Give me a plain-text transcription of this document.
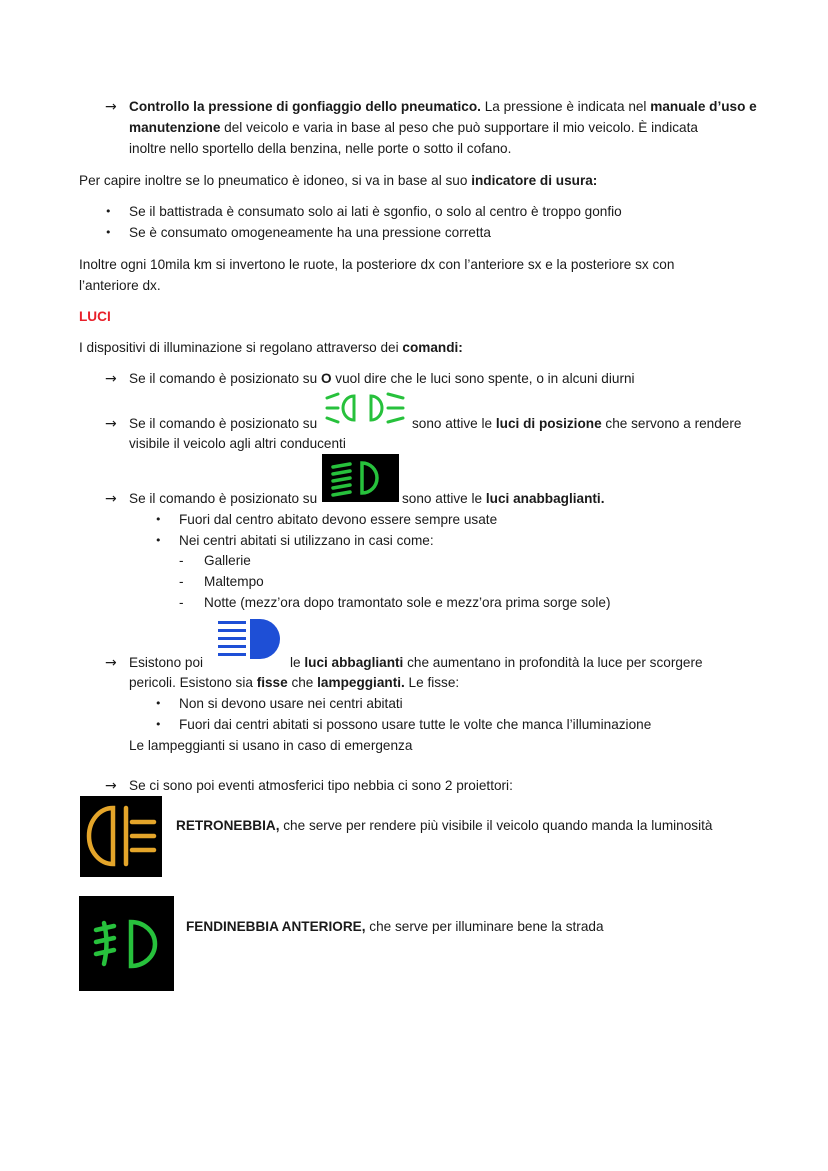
→ Controllo la pressione di gonfiaggio dello pneumatico. La pressione è indicata nel manuale d’uso e
manutenzione del veicolo e varia in base al peso che può supportare il mio veicolo. È indicata
inoltre nello sportello della benzina, nelle porte o sotto il cofano.
Per capire inoltre se lo pneumatico è idoneo, si va in base al suo indicatore di usura:
• Se il battistrada è consumato solo ai lati è sgonfio, o solo al centro è troppo gonfio
• Se è consumato omogeneamente ha una pressione corretta
Inoltre ogni 10mila km si invertono le ruote, la posteriore dx con l’anteriore sx e la posteriore sx con
l’anteriore dx.
LUCI
I dispositivi di illuminazione si regolano attraverso dei comandi:
→ Se il comando è posizionato su O vuol dire che le luci sono spente, o in alcuni diurni
→ Se il comando è posizionato su	sono attive le luci di posizione che servono a rendere
visibile il veicolo agli altri conducenti
→ Se il comando è posizionato su	sono attive le luci anabbaglianti.
• Fuori dal centro abitato devono essere sempre usate
• Nei centri abitati si utilizzano in casi come:
- Gallerie
- Maltempo
- Notte (mezz’ora dopo tramontato sole e mezz’ora prima sorge sole)
→ Esistono poi	le luci abbaglianti che aumentano in profondità la luce per scorgere
pericoli. Esistono sia fisse che lampeggianti. Le fisse:
• Non si devono usare nei centri abitati
• Fuori dai centri abitati si possono usare tutte le volte che manca l’illuminazione
Le lampeggianti si usano in caso di emergenza
→ Se ci sono poi eventi atmosferici tipo nebbia ci sono 2 proiettori:
RETRONEBBIA, che serve per rendere più visibile il veicolo quando manda la luminosità
FENDINEBBIA ANTERIORE, che serve per illuminare bene la strada
